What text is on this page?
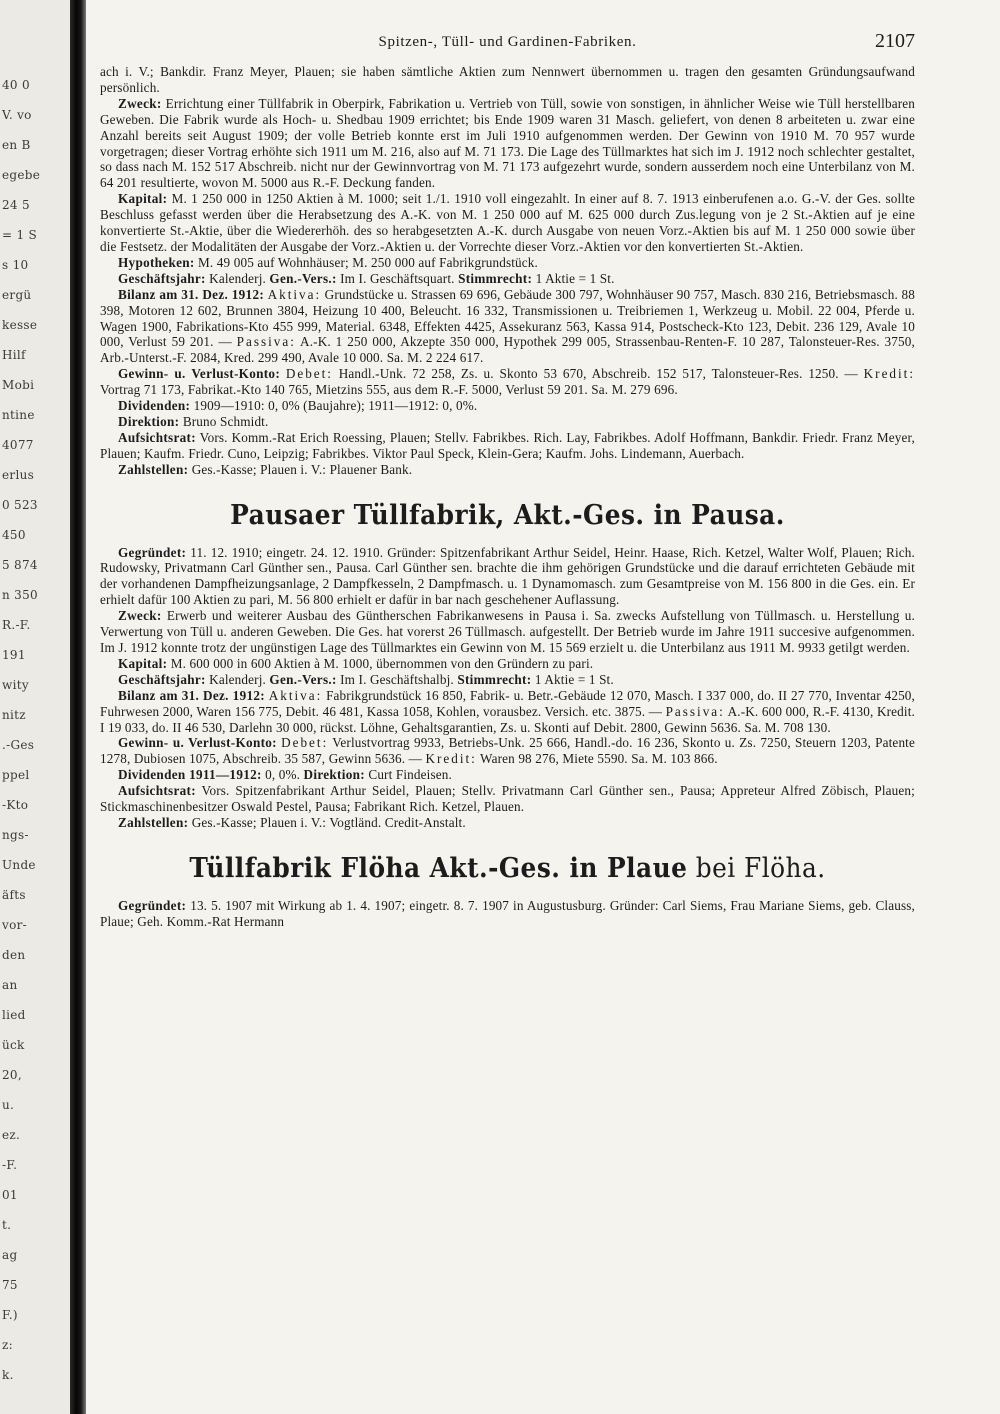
40 0
V. vo
en B
egebe
24 5
= 1 S
s 10
ergü
kesse
Hilf
Mobi
ntine
4077
erlus
0 523
450
5 874
n 350
R.-F.
191
wity
nitz
.-Ges
ppel
-Kto
ngs-
Unde
äfts
vor-
den
an
lied
ück
20,
u.
ez.
-F.
01
t.
ag
75
F.)
z:
k.
Spitzen-, Tüll- und Gardinen-Fabriken.	2107

ach i. V.; Bankdir. Franz Meyer, Plauen; sie haben sämtliche Aktien zum Nennwert übernommen u. tragen den gesamten Gründungsaufwand persönlich.

Zweck: Errichtung einer Tüllfabrik in Oberpirk, Fabrikation u. Vertrieb von Tüll, sowie von sonstigen, in ähnlicher Weise wie Tüll herstellbaren Geweben. Die Fabrik wurde als Hoch- u. Shedbau 1909 errichtet; bis Ende 1909 waren 31 Masch. geliefert, von denen 8 arbeiteten u. zwar eine Anzahl bereits seit August 1909; der volle Betrieb konnte erst im Juli 1910 aufgenommen werden. Der Gewinn von 1910 M. 70 957 wurde vorgetragen; dieser Vortrag erhöhte sich 1911 um M. 216, also auf M. 71 173. Die Lage des Tüllmarktes hat sich im J. 1912 noch schlechter gestaltet, so dass nach M. 152 517 Abschreib. nicht nur der Gewinnvortrag von M. 71 173 aufgezehrt wurde, sondern ausserdem noch eine Unterbilanz von M. 64 201 resultierte, wovon M. 5000 aus R.-F. Deckung fanden.

Kapital: M. 1 250 000 in 1250 Aktien à M. 1000; seit 1./1. 1910 voll eingezahlt. In einer auf 8. 7. 1913 einberufenen a.o. G.-V. der Ges. sollte Beschluss gefasst werden über die Herabsetzung des A.-K. von M. 1 250 000 auf M. 625 000 durch Zus.legung von je 2 St.-Aktien auf je eine konvertierte St.-Aktie, über die Wiedererhöh. des so herabgesetzten A.-K. durch Ausgabe von neuen Vorz.-Aktien bis auf M. 1 250 000 sowie über die Festsetz. der Modalitäten der Ausgabe der Vorz.-Aktien u. der Vorrechte dieser Vorz.-Aktien vor den konvertierten St.-Aktien.

Hypotheken: M. 49 005 auf Wohnhäuser; M. 250 000 auf Fabrikgrundstück.

Geschäftsjahr: Kalenderj. Gen.-Vers.: Im I. Geschäftsquart. Stimmrecht: 1 Aktie = 1 St.

Bilanz am 31. Dez. 1912: Aktiva: Grundstücke u. Strassen 69 696, Gebäude 300 797, Wohnhäuser 90 757, Masch. 830 216, Betriebsmasch. 88 398, Motoren 12 602, Brunnen 3804, Heizung 10 400, Beleucht. 16 332, Transmissionen u. Treibriemen 1, Werkzeug u. Mobil. 22 004, Pferde u. Wagen 1900, Fabrikations-Kto 455 999, Material. 6348, Effekten 4425, Assekuranz 563, Kassa 914, Postscheck-Kto 123, Debit. 236 129, Avale 10 000, Verlust 59 201. — Passiva: A.-K. 1 250 000, Akzepte 350 000, Hypothek 299 005, Strassenbau-Renten-F. 10 287, Talonsteuer-Res. 3750, Arb.-Unterst.-F. 2084, Kred. 299 490, Avale 10 000. Sa. M. 2 224 617.

Gewinn- u. Verlust-Konto: Debet: Handl.-Unk. 72 258, Zs. u. Skonto 53 670, Abschreib. 152 517, Talonsteuer-Res. 1250. — Kredit: Vortrag 71 173, Fabrikat.-Kto 140 765, Mietzins 555, aus dem R.-F. 5000, Verlust 59 201. Sa. M. 279 696.

Dividenden: 1909—1910: 0, 0% (Baujahre); 1911—1912: 0, 0%.

Direktion: Bruno Schmidt.

Aufsichtsrat: Vors. Komm.-Rat Erich Roessing, Plauen; Stellv. Fabrikbes. Rich. Lay, Fabrikbes. Adolf Hoffmann, Bankdir. Friedr. Franz Meyer, Plauen; Kaufm. Friedr. Cuno, Leipzig; Fabrikbes. Viktor Paul Speck, Klein-Gera; Kaufm. Johs. Lindemann, Auerbach.

Zahlstellen: Ges.-Kasse; Plauen i. V.: Plauener Bank.

Pausaer Tüllfabrik, Akt.-Ges. in Pausa.

Gegründet: 11. 12. 1910; eingetr. 24. 12. 1910. Gründer: Spitzenfabrikant Arthur Seidel, Heinr. Haase, Rich. Ketzel, Walter Wolf, Plauen; Rich. Rudowsky, Privatmann Carl Günther sen., Pausa. Carl Günther sen. brachte die ihm gehörigen Grundstücke und die darauf errichteten Gebäude mit der vorhandenen Dampfheizungsanlage, 2 Dampfkesseln, 2 Dampfmasch. u. 1 Dynamomasch. zum Gesamtpreise von M. 156 800 in die Ges. ein. Er erhielt dafür 100 Aktien zu pari, M. 56 800 erhielt er dafür in bar nach geschehener Auflassung.

Zweck: Erwerb und weiterer Ausbau des Güntherschen Fabrikanwesens in Pausa i. Sa. zwecks Aufstellung von Tüllmasch. u. Herstellung u. Verwertung von Tüll u. anderen Geweben. Die Ges. hat vorerst 26 Tüllmasch. aufgestellt. Der Betrieb wurde im Jahre 1911 succesive aufgenommen. Im J. 1912 konnte trotz der ungünstigen Lage des Tüllmarktes ein Gewinn von M. 15 569 erzielt u. die Unterbilanz aus 1911 M. 9933 getilgt werden.

Kapital: M. 600 000 in 600 Aktien à M. 1000, übernommen von den Gründern zu pari.

Geschäftsjahr: Kalenderj. Gen.-Vers.: Im I. Geschäftshalbj. Stimmrecht: 1 Aktie = 1 St.

Bilanz am 31. Dez. 1912: Aktiva: Fabrikgrundstück 16 850, Fabrik- u. Betr.-Gebäude 12 070, Masch. I 337 000, do. II 27 770, Inventar 4250, Fuhrwesen 2000, Waren 156 775, Debit. 46 481, Kassa 1058, Kohlen, vorausbez. Versich. etc. 3875. — Passiva: A.-K. 600 000, R.-F. 4130, Kredit. I 19 033, do. II 46 530, Darlehn 30 000, rückst. Löhne, Gehaltsgarantien, Zs. u. Skonti auf Debit. 2800, Gewinn 5636. Sa. M. 708 130.

Gewinn- u. Verlust-Konto: Debet: Verlustvortrag 9933, Betriebs-Unk. 25 666, Handl.-do. 16 236, Skonto u. Zs. 7250, Steuern 1203, Patente 1278, Dubiosen 1075, Abschreib. 35 587, Gewinn 5636. — Kredit: Waren 98 276, Miete 5590. Sa. M. 103 866.

Dividenden 1911—1912: 0, 0%. Direktion: Curt Findeisen.

Aufsichtsrat: Vors. Spitzenfabrikant Arthur Seidel, Plauen; Stellv. Privatmann Carl Günther sen., Pausa; Appreteur Alfred Zöbisch, Plauen; Stickmaschinenbesitzer Oswald Pestel, Pausa; Fabrikant Rich. Ketzel, Plauen.

Zahlstellen: Ges.-Kasse; Plauen i. V.: Vogtländ. Credit-Anstalt.

Tüllfabrik Flöha Akt.-Ges. in Plaue bei Flöha.

Gegründet: 13. 5. 1907 mit Wirkung ab 1. 4. 1907; eingetr. 8. 7. 1907 in Augustusburg. Gründer: Carl Siems, Frau Mariane Siems, geb. Clauss, Plaue; Geh. Komm.-Rat Hermann
